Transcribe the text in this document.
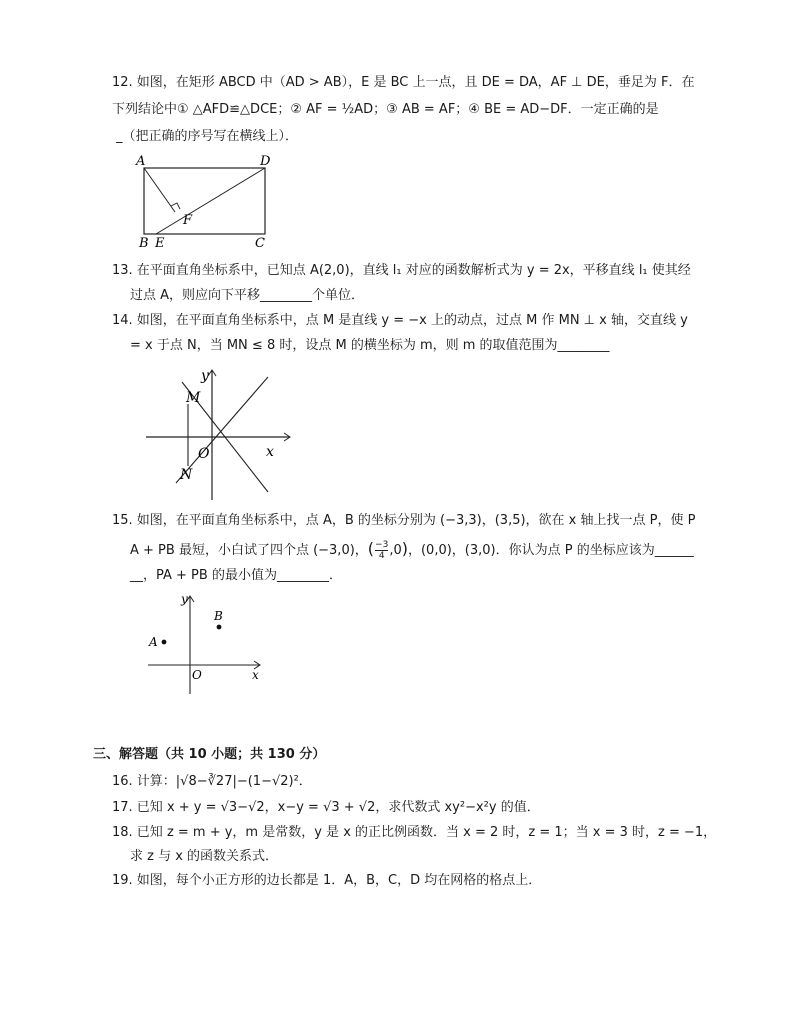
12. 如图，在矩形 ABCD 中（AD > AB），E 是 BC 上一点，且 DE = DA，AF ⊥ DE，垂足为 F．在
下列结论中① △AFD≌△DCE；② AF = ½AD；③ AB = AF；④ BE = AD−DF．一定正确的是
_（把正确的序号写在横线上）．
A	D
B E	C
F
13. 在平面直角坐标系中，已知点 A(2,0)，直线 l₁ 对应的函数解析式为 y = 2x，平移直线 l₁ 使其经
过点 A，则应向下平移________个单位．
14. 如图，在平面直角坐标系中，点 M 是直线 y = −x 上的动点，过点 M 作 MN ⊥ x 轴，交直线 y
= x 于点 N，当 MN ≤ 8 时，设点 M 的横坐标为 m，则 m 的取值范围为________
y
x
O
M
N
15. 如图，在平面直角坐标系中，点 A，B 的坐标分别为 (−3,3)，(3,5)，欲在 x 轴上找一点 P，使 P
A + PB 最短，小白试了四个点 (−3,0)，( $\frac{-3}{4} ,0$)，(0,0)，(3,0)．你认为点 P 的坐标应该为______
__，PA + PB 的最小值为________．
y
x
O
A
B
三、解答题（共 10 小题；共 130 分）
16. 计算：|√8−∛27|−(1−√2)²．
17. 已知 x + y = √3−√2，x−y = √3 + √2，求代数式 xy²−x²y 的值．
18. 已知 z = m + y，m 是常数，y 是 x 的正比例函数．当 x = 2 时，z = 1；当 x = 3 时，z = −1，
求 z 与 x 的函数关系式．
19. 如图，每个小正方形的边长都是 1．A，B，C，D 均在网格的格点上．
